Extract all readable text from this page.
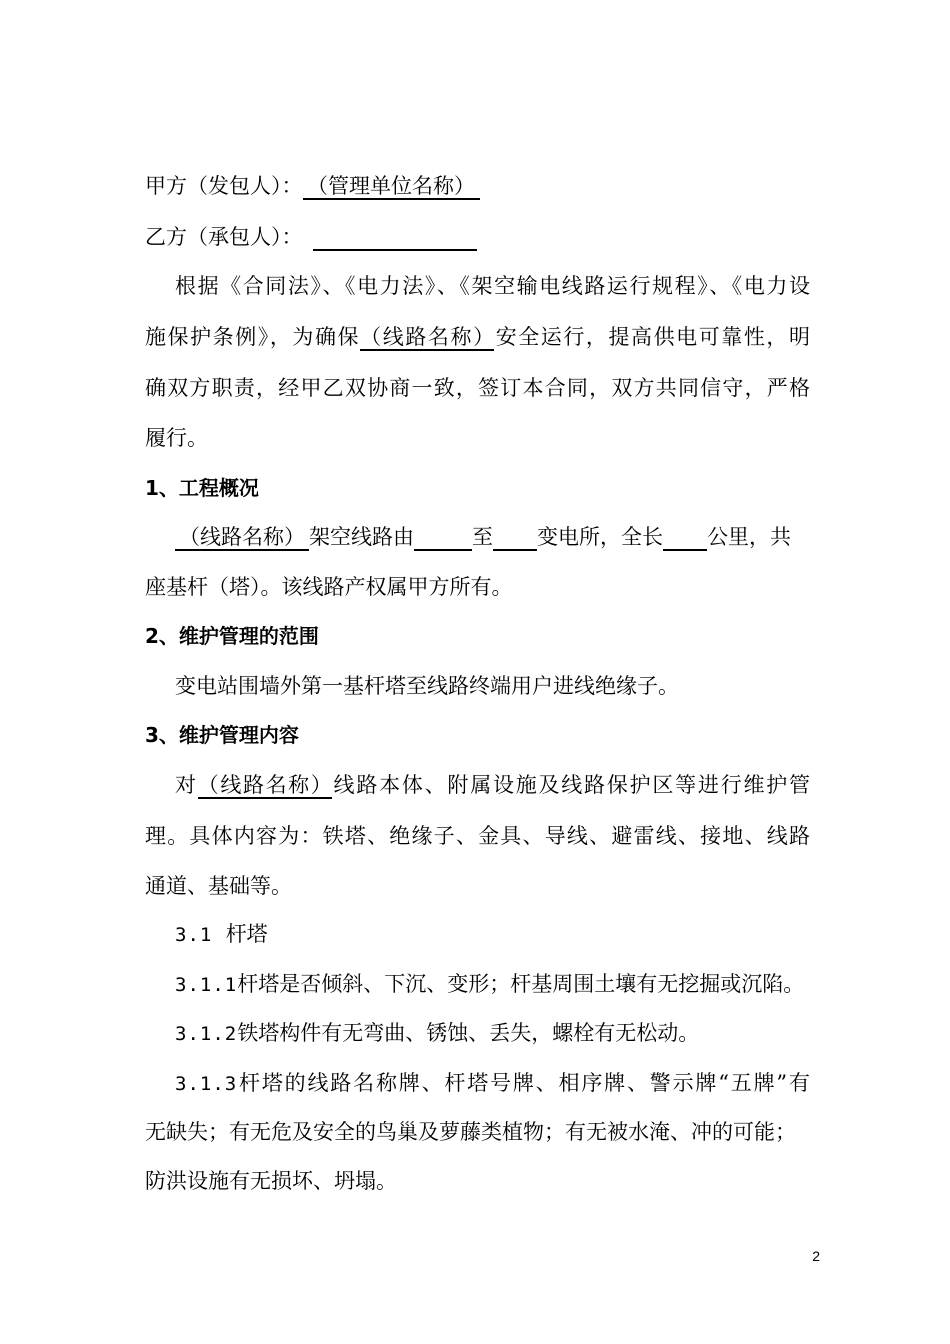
甲方（发包人）： （管理单位名称）
乙方（承包人）：
根据《合同法》、《电力法》、《架空输电线路运行规程》、《电力设
施保护条例》，为确保（线路名称）安全运行，提高供电可靠性，明
确双方职责，经甲乙双协商一致，签订本合同，双方共同信守，严格
履行。
1、工程概况
（线路名称） 架空线路由	至 变电所，全长 公里，共
座基杆（塔）。该线路产权属甲方所有。
2、维护管理的范围
变电站围墙外第一基杆塔至线路终端用户进线绝缘子。
3、维护管理内容
对（线路名称）线路本体、附属设施及线路保护区等进行维护管
理。具体内容为：铁塔、绝缘子、金具、导线、避雷线、接地、线路
通道、基础等。
3.1 杆塔
3.1.1杆塔是否倾斜、下沉、变形；杆基周围土壤有无挖掘或沉陷。
3.1.2铁塔构件有无弯曲、锈蚀、丢失，螺栓有无松动。
3.1.3杆塔的线路名称牌、杆塔号牌、相序牌、警示牌“五牌”有
无缺失；有无危及安全的鸟巢及萝藤类植物；有无被水淹、冲的可能；
防洪设施有无损坏、坍塌。
2
